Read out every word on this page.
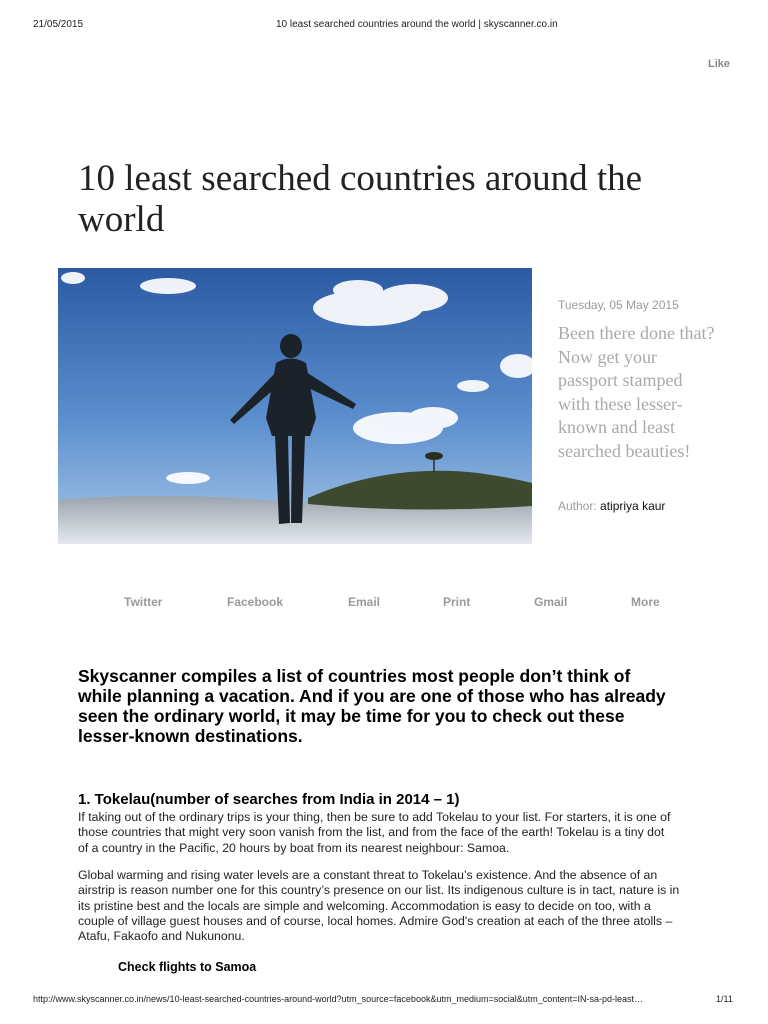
21/05/2015	10 least searched countries around the world | skyscanner.co.in
Like
10 least searched countries around the
world
Tuesday, 05 May 2015
Been there done that?
Now get your
passport stamped
with these lesser-
known and least
searched beauties!
Author: atipriya kaur
Twitter	Facebook	Email	Print	Gmail	More
Skyscanner compiles a list of countries most people don’t think of
while planning a vacation. And if you are one of those who has already
seen the ordinary world, it may be time for you to check out these
lesser-known destinations.
1. Tokelau(number of searches from India in 2014 – 1)
If taking out of the ordinary trips is your thing, then be sure to add Tokelau to your list. For starters, it is one of
those countries that might very soon vanish from the list, and from the face of the earth! Tokelau is a tiny dot
of a country in the Pacific, 20 hours by boat from its nearest neighbour: Samoa.
Global warming and rising water levels are a constant threat to Tokelau’s existence. And the absence of an
airstrip is reason number one for this country’s presence on our list. Its indigenous culture is in tact, nature is in
its pristine best and the locals are simple and welcoming. Accommodation is easy to decide on too, with a
couple of village guest houses and of course, local homes. Admire God's creation at each of the three atolls –
Atafu, Fakaofo and Nukunonu.
Check flights to Samoa
http://www.skyscanner.co.in/news/10-least-searched-countries-around-world?utm_source=facebook&utm_medium=social&utm_content=IN-sa-pd-least…	1/11
